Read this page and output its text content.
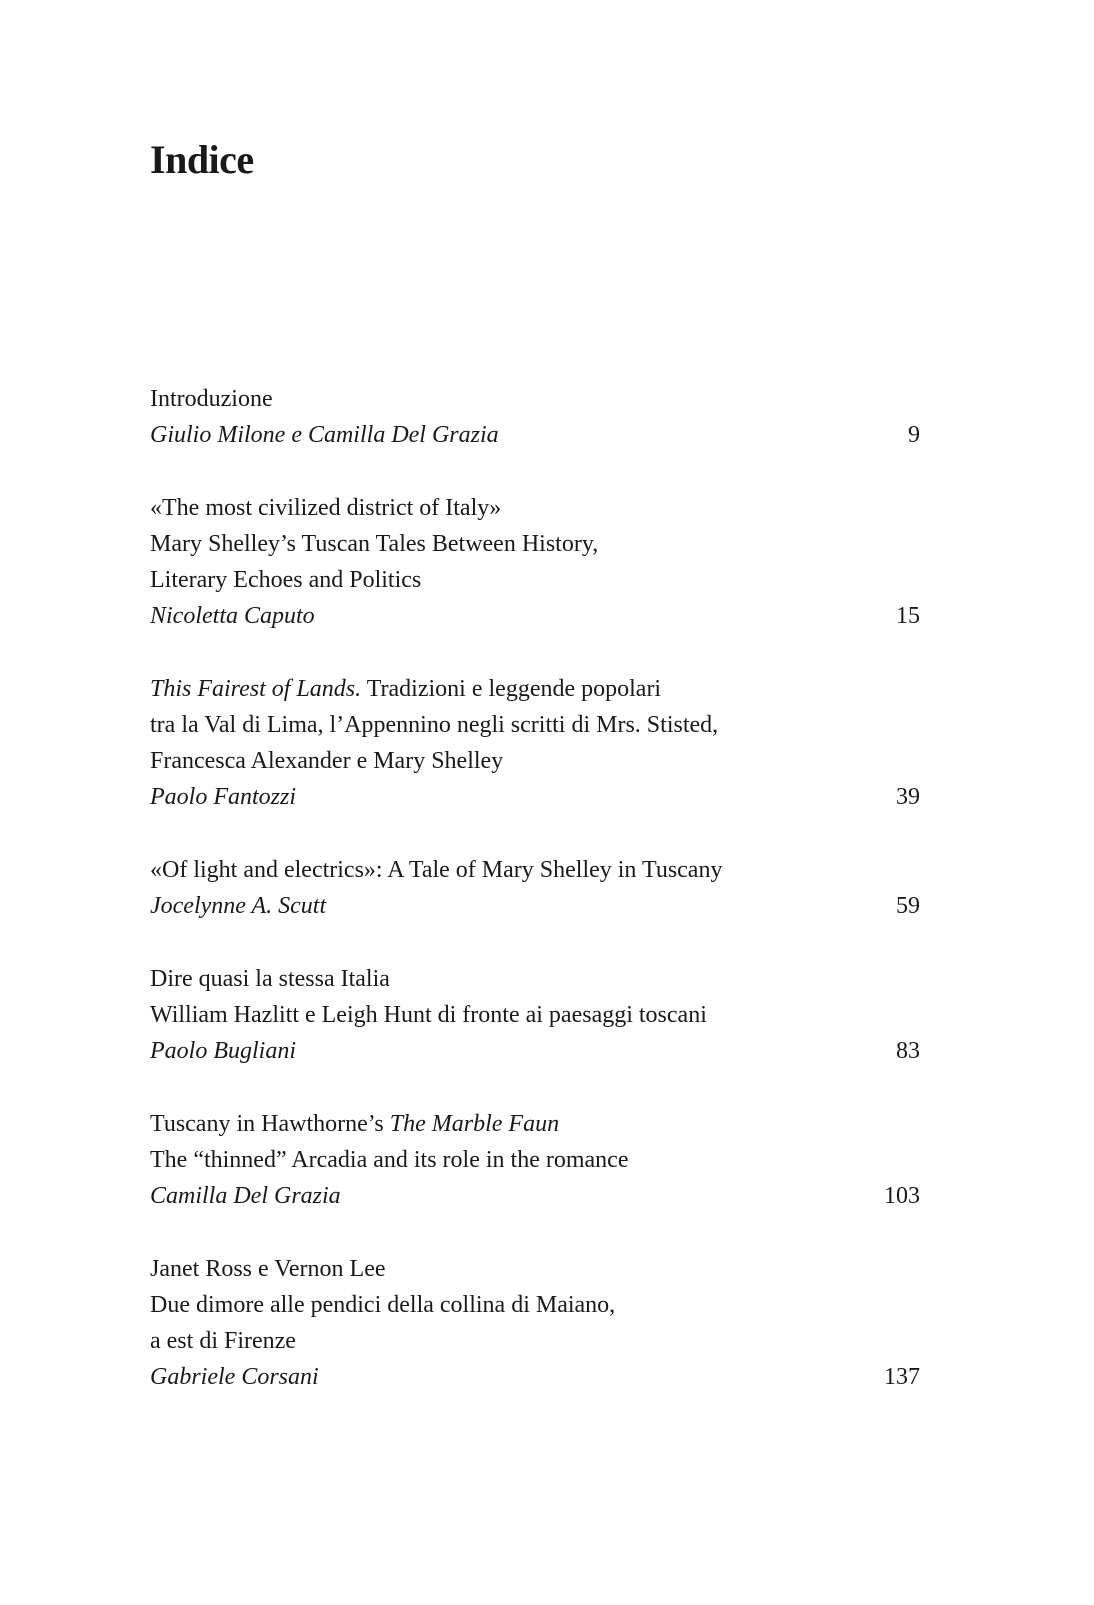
Indice
Introduzione
Giulio Milone e Camilla Del Grazia	9
«The most civilized district of Italy»
Mary Shelley’s Tuscan Tales Between History,
Literary Echoes and Politics
Nicoletta Caputo	15
This Fairest of Lands. Tradizioni e leggende popolari
tra la Val di Lima, l’Appennino negli scritti di Mrs. Stisted,
Francesca Alexander e Mary Shelley
Paolo Fantozzi	39
«Of light and electrics»: A Tale of Mary Shelley in Tuscany
Jocelynne A. Scutt	59
Dire quasi la stessa Italia
William Hazlitt e Leigh Hunt di fronte ai paesaggi toscani
Paolo Bugliani	83
Tuscany in Hawthorne’s The Marble Faun
The “thinned” Arcadia and its role in the romance
Camilla Del Grazia	103
Janet Ross e Vernon Lee
Due dimore alle pendici della collina di Maiano,
a est di Firenze
Gabriele Corsani	137
